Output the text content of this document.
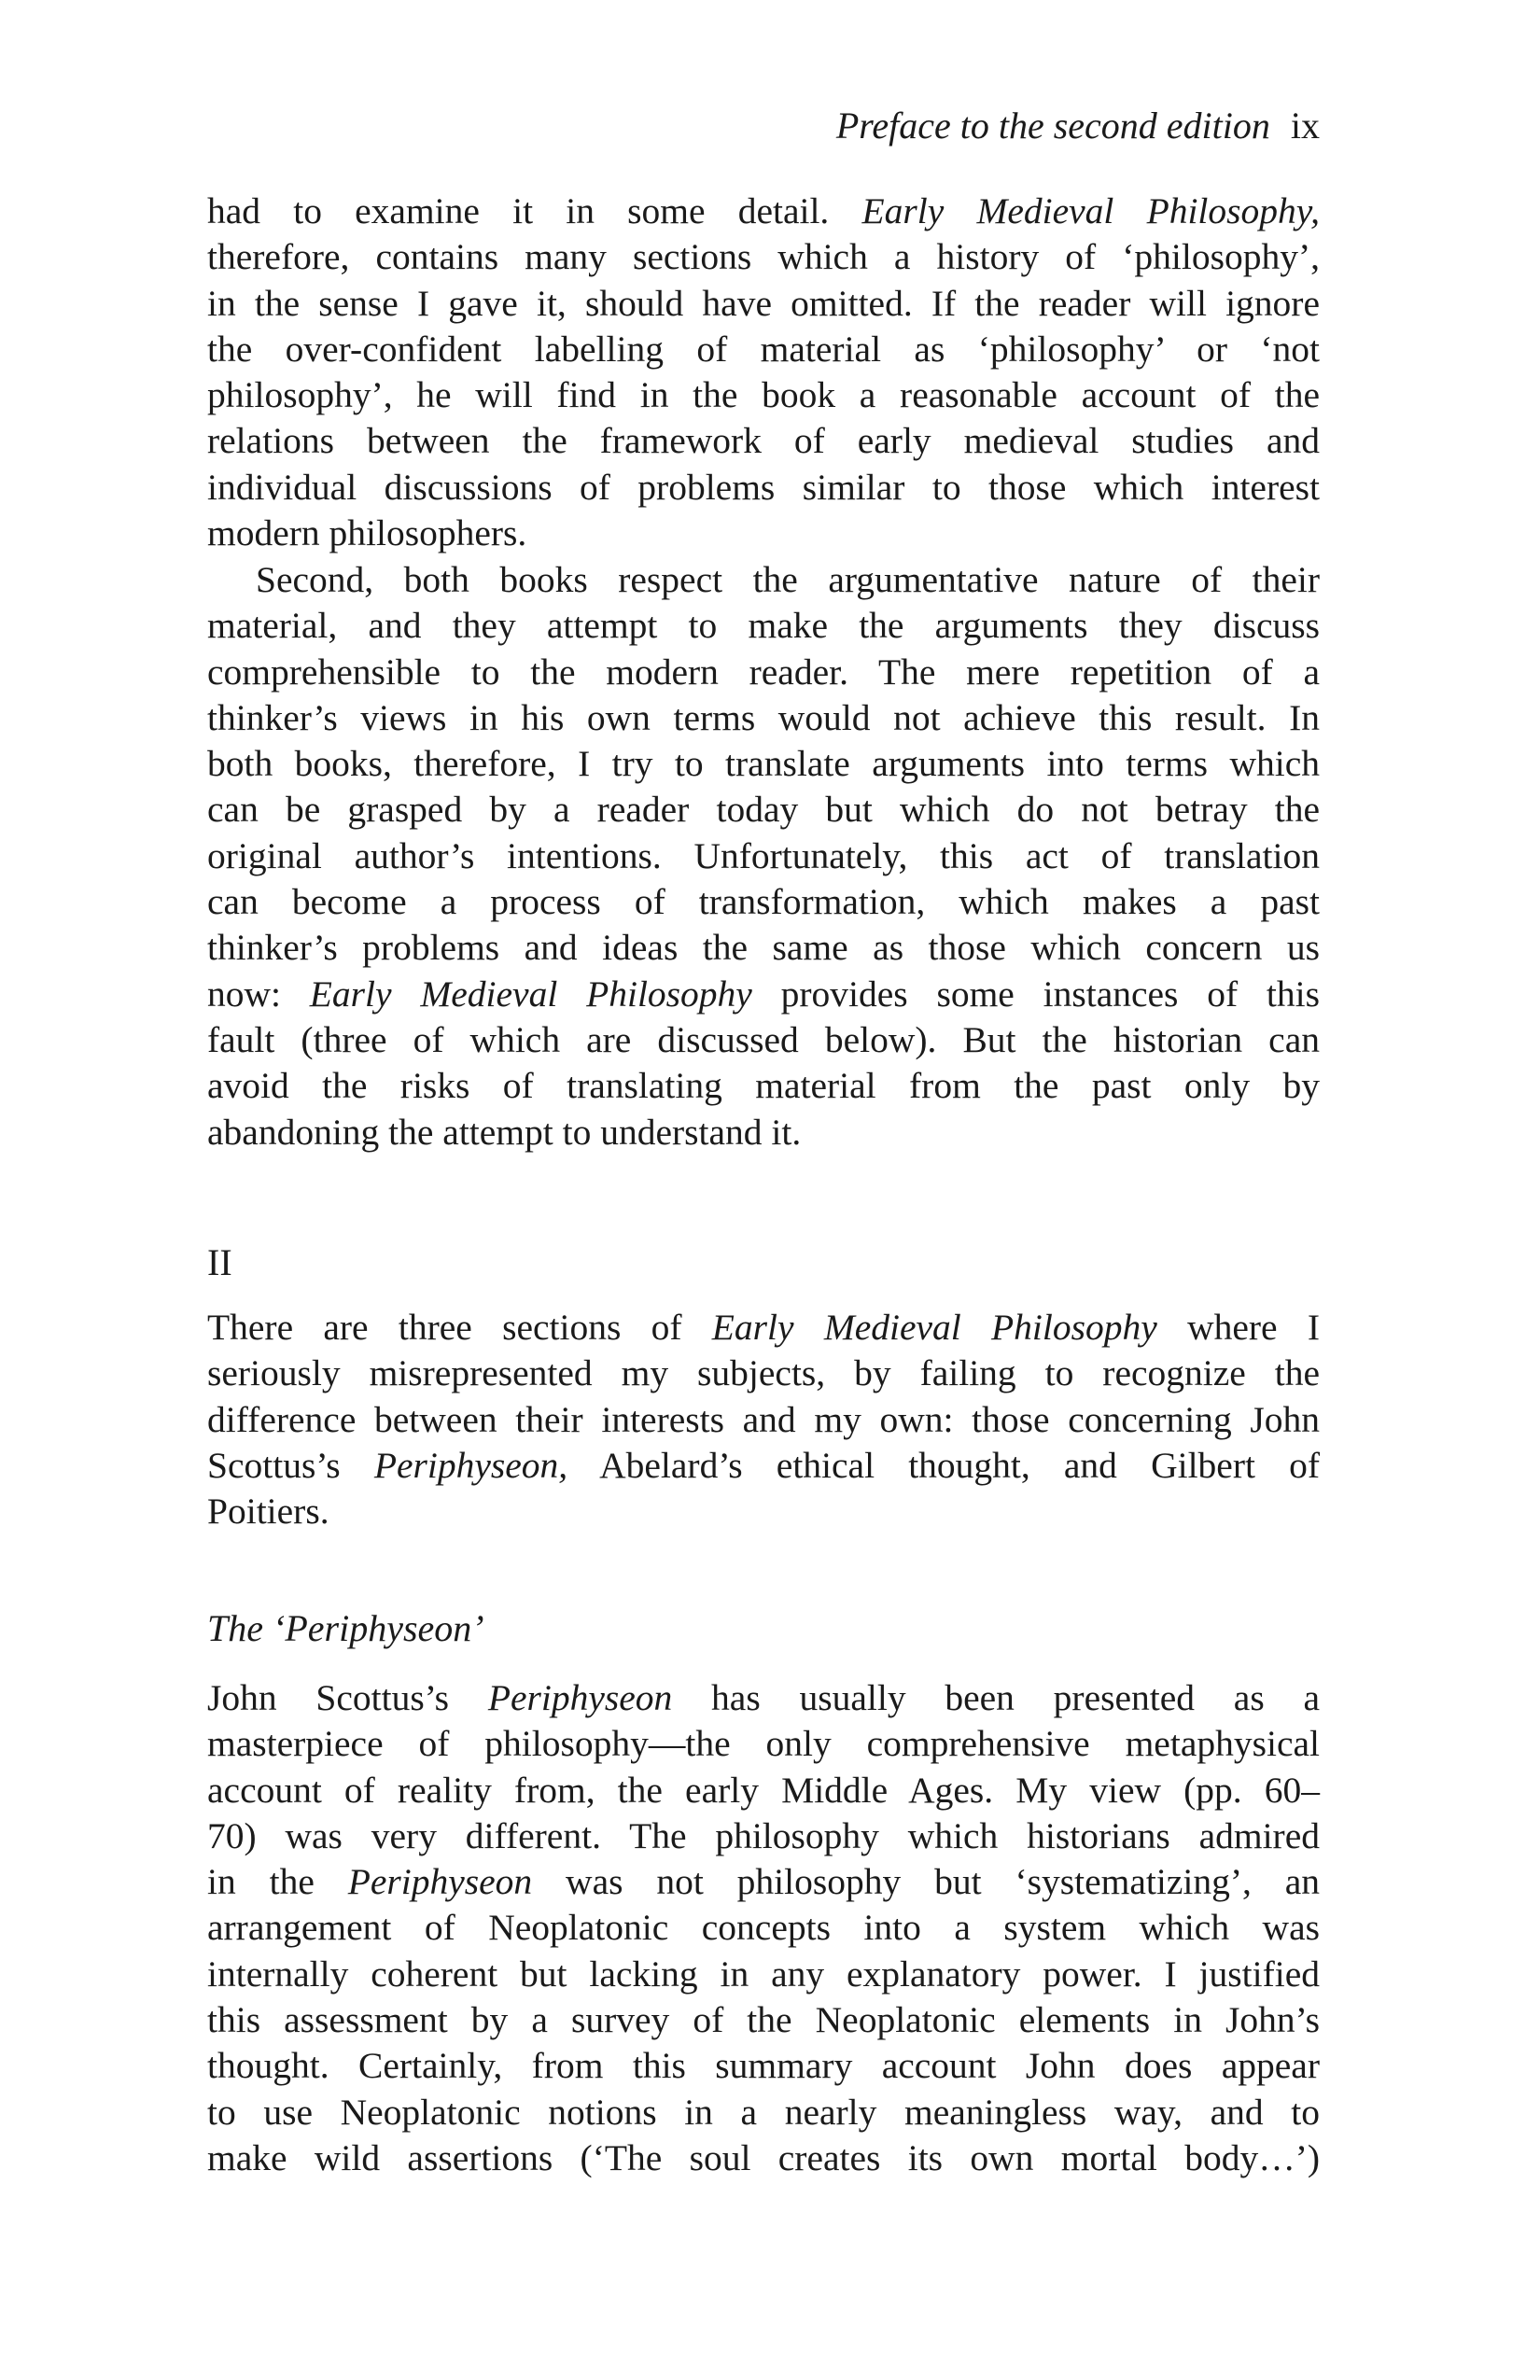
Preface to the second edition ix
had to examine it in some detail. Early Medieval Philosophy,
therefore, contains many sections which a history of ‘philosophy’,
in the sense I gave it, should have omitted. If the reader will ignore
the over-confident labelling of material as ‘philosophy’ or ‘not
philosophy’, he will find in the book a reasonable account of the
relations between the framework of early medieval studies and
individual discussions of problems similar to those which interest
modern philosophers.
Second, both books respect the argumentative nature of their
material, and they attempt to make the arguments they discuss
comprehensible to the modern reader. The mere repetition of a
thinker’s views in his own terms would not achieve this result. In
both books, therefore, I try to translate arguments into terms which
can be grasped by a reader today but which do not betray the
original author’s intentions. Unfortunately, this act of translation
can become a process of transformation, which makes a past
thinker’s problems and ideas the same as those which concern us
now: Early Medieval Philosophy provides some instances of this
fault (three of which are discussed below). But the historian can
avoid the risks of translating material from the past only by
abandoning the attempt to understand it.
II
There are three sections of Early Medieval Philosophy where I
seriously misrepresented my subjects, by failing to recognize the
difference between their interests and my own: those concerning John
Scottus’s Periphyseon, Abelard’s ethical thought, and Gilbert of
Poitiers.
The ‘Periphyseon’
John Scottus’s Periphyseon has usually been presented as a
masterpiece of philosophy—the only comprehensive metaphysical
account of reality from, the early Middle Ages. My view (pp. 60–
70) was very different. The philosophy which historians admired
in the Periphyseon was not philosophy but ‘systematizing’, an
arrangement of Neoplatonic concepts into a system which was
internally coherent but lacking in any explanatory power. I justified
this assessment by a survey of the Neoplatonic elements in John’s
thought. Certainly, from this summary account John does appear
to use Neoplatonic notions in a nearly meaningless way, and to
make wild assertions (‘The soul creates its own mortal body…’)
